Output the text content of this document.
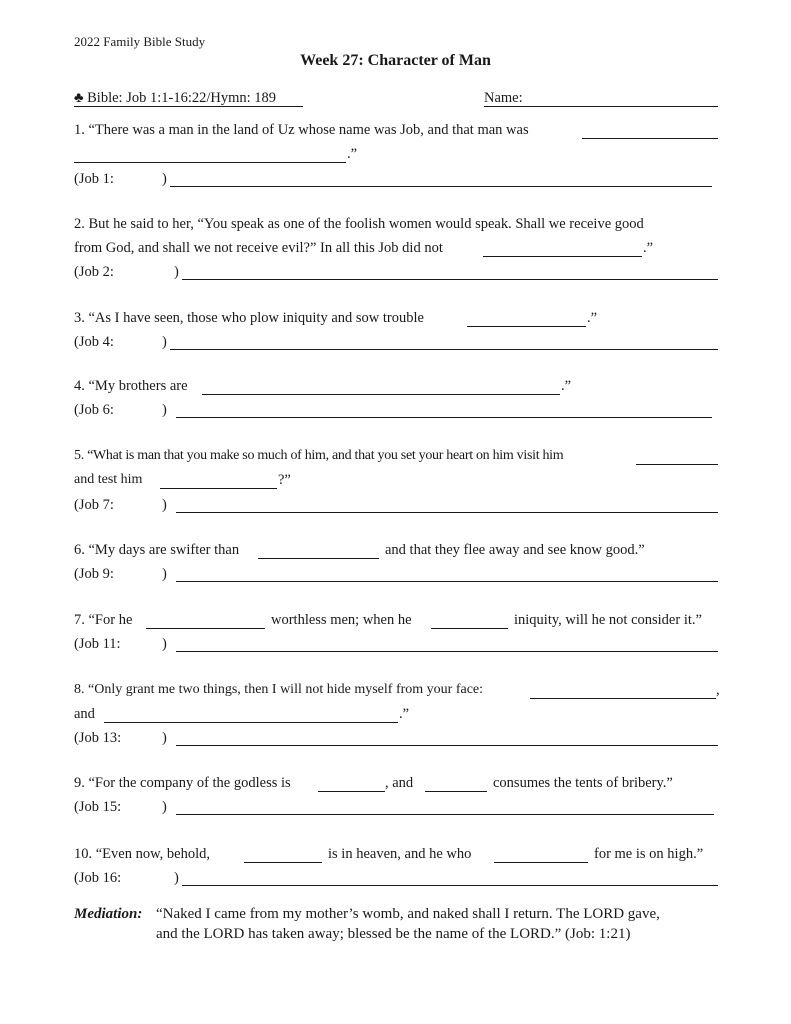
2022 Family Bible Study
Week 27: Character of Man
♣ Bible: Job 1:1-16:22/Hymn: 189	Name:
1. “There was a man in the land of Uz whose name was Job, and that man was
.”
(Job 1:	)
2. But he said to her, “You speak as one of the foolish women would speak. Shall we receive good
from God, and shall we not receive evil?” In all this Job did not	.”
(Job 2:	)
3. “As I have seen, those who plow iniquity and sow trouble	.”
(Job 4:	)
4. “My brothers are	.”
(Job 6:	)
5. “What is man that you make so much of him, and that you set your heart on him visit him
and test him	?”
(Job 7:	)
6. “My days are swifter than	and that they flee away and see know good.”
(Job 9:	)
7. “For he	worthless men; when he	iniquity, will he not consider it.”
(Job 11:	)
8. “Only grant me two things, then I will not hide myself from your face:	,
and	.”
(Job 13:	)
9. “For the company of the godless is	, and	consumes the tents of bribery.”
(Job 15:	)
10. “Even now, behold,	is in heaven, and he who	for me is on high.”
(Job 16:	)
Mediation: “Naked I came from my mother’s womb, and naked shall I return. The LORD gave,
and the LORD has taken away; blessed be the name of the LORD.” (Job: 1:21)
